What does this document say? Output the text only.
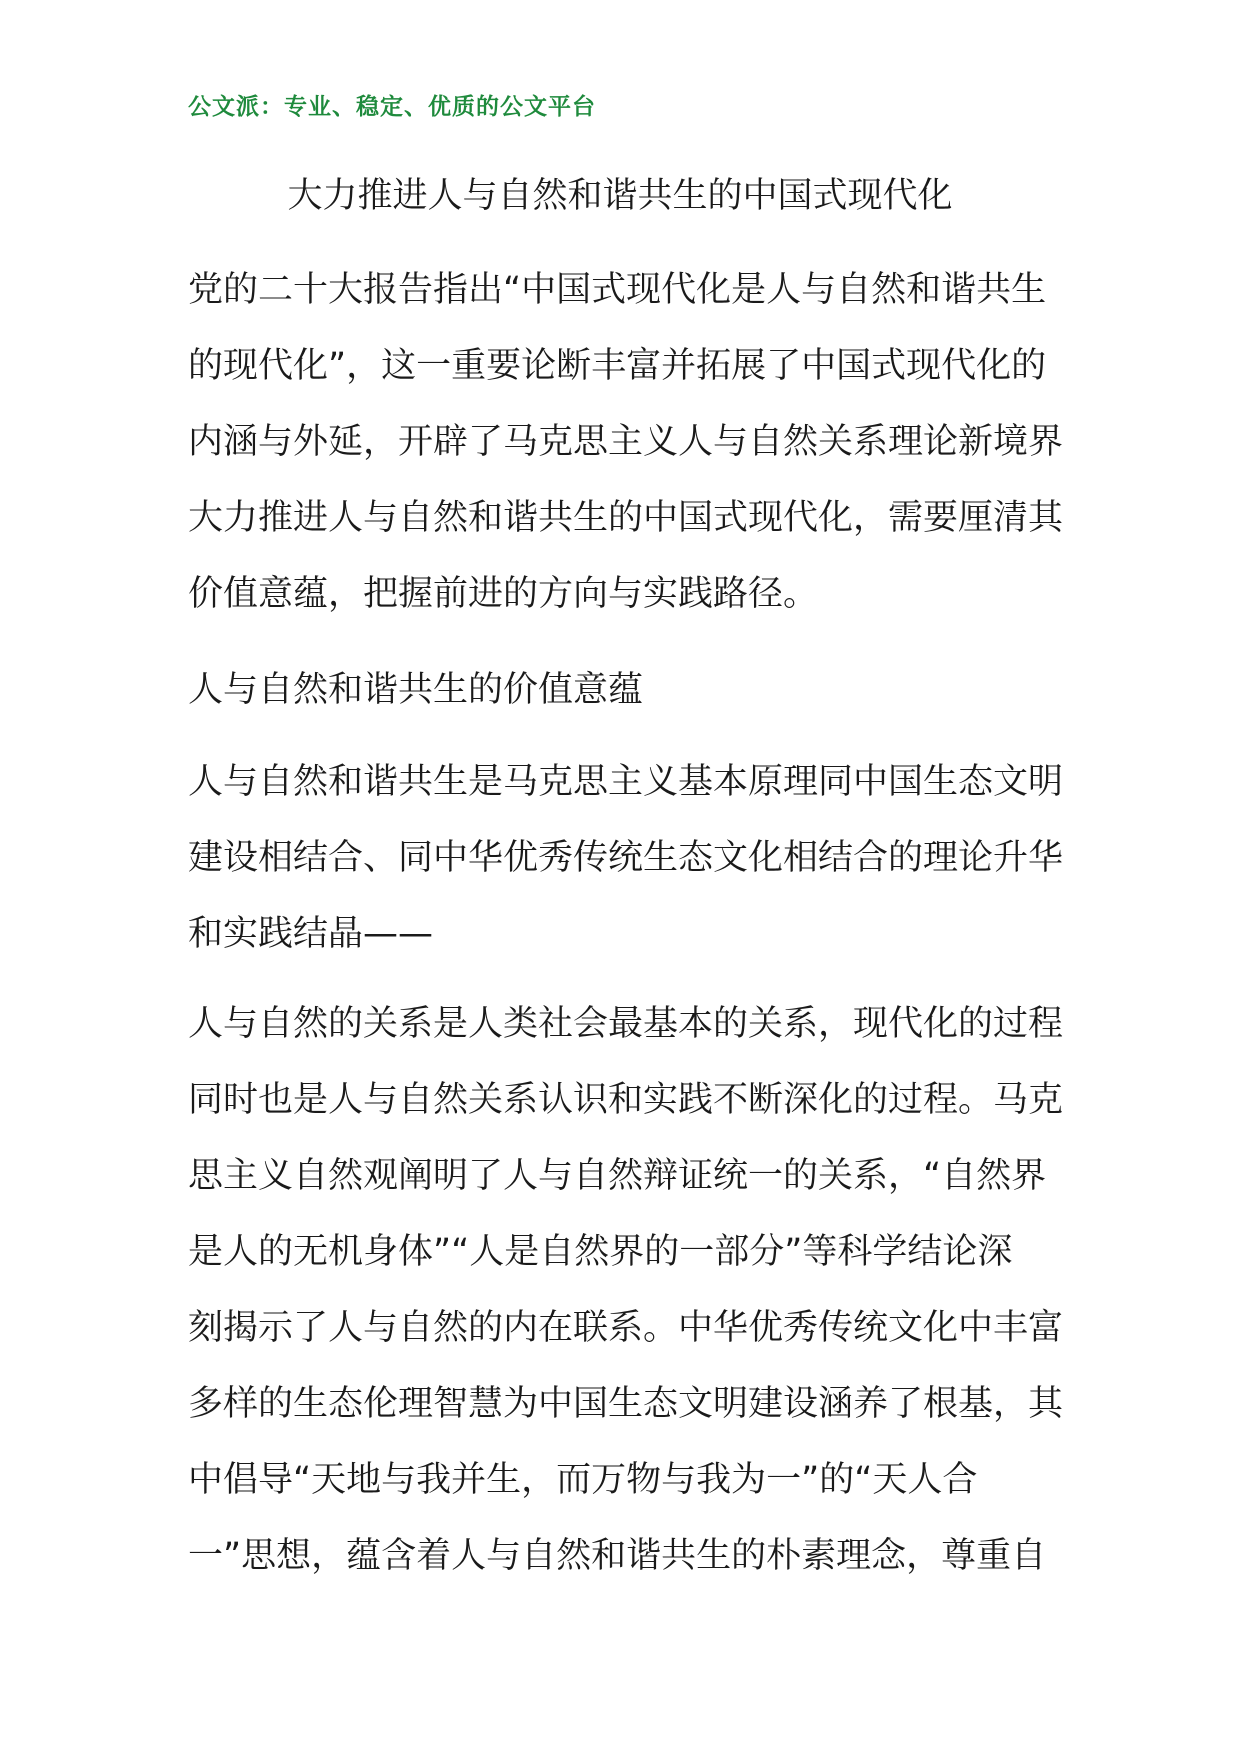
公文派：专业、稳定、优质的公文平台
大力推进人与自然和谐共生的中国式现代化
党的二十大报告指出“中国式现代化是人与自然和谐共生
的现代化”，这一重要论断丰富并拓展了中国式现代化的
内涵与外延，开辟了马克思主义人与自然关系理论新境界
大力推进人与自然和谐共生的中国式现代化，需要厘清其
价值意蕴，把握前进的方向与实践路径。
人与自然和谐共生的价值意蕴
人与自然和谐共生是马克思主义基本原理同中国生态文明
建设相结合、同中华优秀传统生态文化相结合的理论升华
和实践结晶——
人与自然的关系是人类社会最基本的关系，现代化的过程
同时也是人与自然关系认识和实践不断深化的过程。马克
思主义自然观阐明了人与自然辩证统一的关系，“自然界
是人的无机身体”“人是自然界的一部分”等科学结论深
刻揭示了人与自然的内在联系。中华优秀传统文化中丰富
多样的生态伦理智慧为中国生态文明建设涵养了根基，其
中倡导“天地与我并生，而万物与我为一”的“天人合
一”思想，蕴含着人与自然和谐共生的朴素理念，尊重自
